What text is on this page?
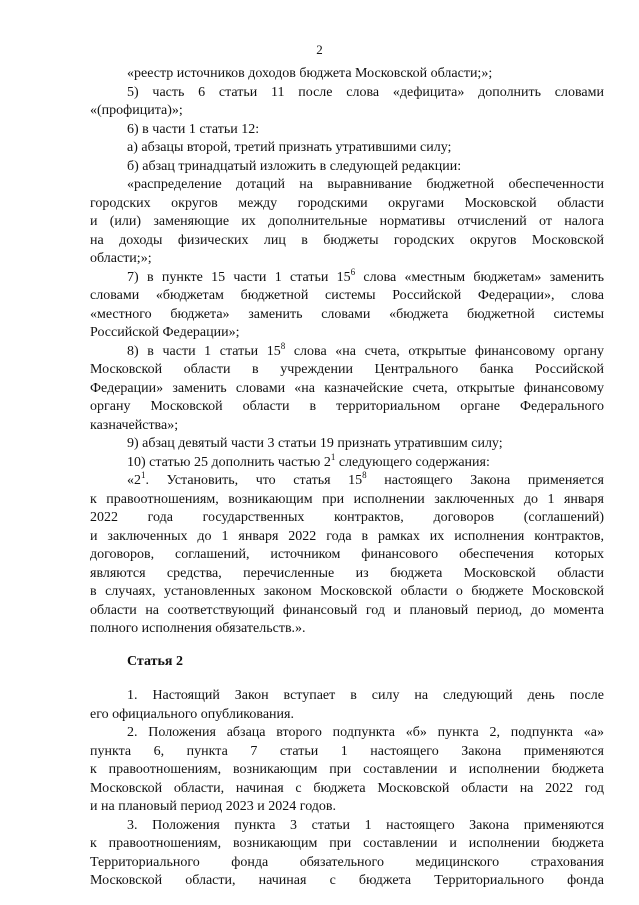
2
«реестр источников доходов бюджета Московской области;»;
5) часть 6 статьи 11 после слова «дефицита» дополнить словами
«(профицита)»;
6) в части 1 статьи 12:
а) абзацы второй, третий признать утратившими силу;
б) абзац тринадцатый изложить в следующей редакции:
«распределение дотаций на выравнивание бюджетной обеспеченности
городских округов между городскими округами Московской области
и (или) заменяющие их дополнительные нормативы отчислений от налога
на доходы физических лиц в бюджеты городских округов Московской
области;»;
7) в пункте 15 части 1 статьи $15^6$ слова «местным бюджетам» заменить
словами «бюджетам бюджетной системы Российской Федерации», слова
«местного бюджета» заменить словами «бюджета бюджетной системы
Российской Федерации»;
8) в части 1 статьи $15^8$ слова «на счета, открытые финансовому органу
Московской области в учреждении Центрального банка Российской
Федерации» заменить словами «на казначейские счета, открытые финансовому
органу Московской области в территориальном органе Федерального
казначейства»;
9) абзац девятый части 3 статьи 19 признать утратившим силу;
10) статью 25 дополнить частью $2^1$ следующего содержания:
«$2^1$. Установить, что статья $15^8$ настоящего Закона применяется
к правоотношениям, возникающим при исполнении заключенных до 1 января
2022 года государственных контрактов, договоров (соглашений)
и заключенных до 1 января 2022 года в рамках их исполнения контрактов,
договоров, соглашений, источником финансового обеспечения которых
являются средства, перечисленные из бюджета Московской области
в случаях, установленных законом Московской области о бюджете Московской
области на соответствующий финансовый год и плановый период, до момента
полного исполнения обязательств.».
Статья 2
1. Настоящий Закон вступает в силу на следующий день после
его официального опубликования.
2. Положения абзаца второго подпункта «б» пункта 2, подпункта «а»
пункта 6, пункта 7 статьи 1 настоящего Закона применяются
к правоотношениям, возникающим при составлении и исполнении бюджета
Московской области, начиная с бюджета Московской области на 2022 год
и на плановый период 2023 и 2024 годов.
3. Положения пункта 3 статьи 1 настоящего Закона применяются
к правоотношениям, возникающим при составлении и исполнении бюджета
Территориального фонда обязательного медицинского страхования
Московской области, начиная с бюджета Территориального фонда
